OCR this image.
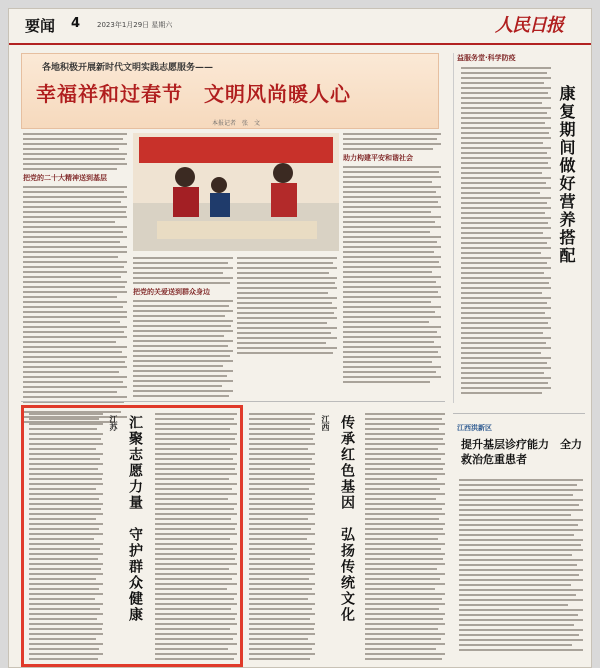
要闻 4 2023年1月29日 星期六	人民日报
各地积极开展新时代文明实践志愿服务——
幸福祥和过春节　文明风尚暖人心
本报记者　张　文
把党的二十大精神送到基层
把党的关爱送到群众身边
助力构建平安和谐社会
益服务堂·科学防疫
康复期间做好营养搭配
江苏 汇聚志愿力量　守护群众健康	江西 传承红色基因　弘扬传统文化	江西洪新区
提升基层诊疗能力　全力救治危重患者
